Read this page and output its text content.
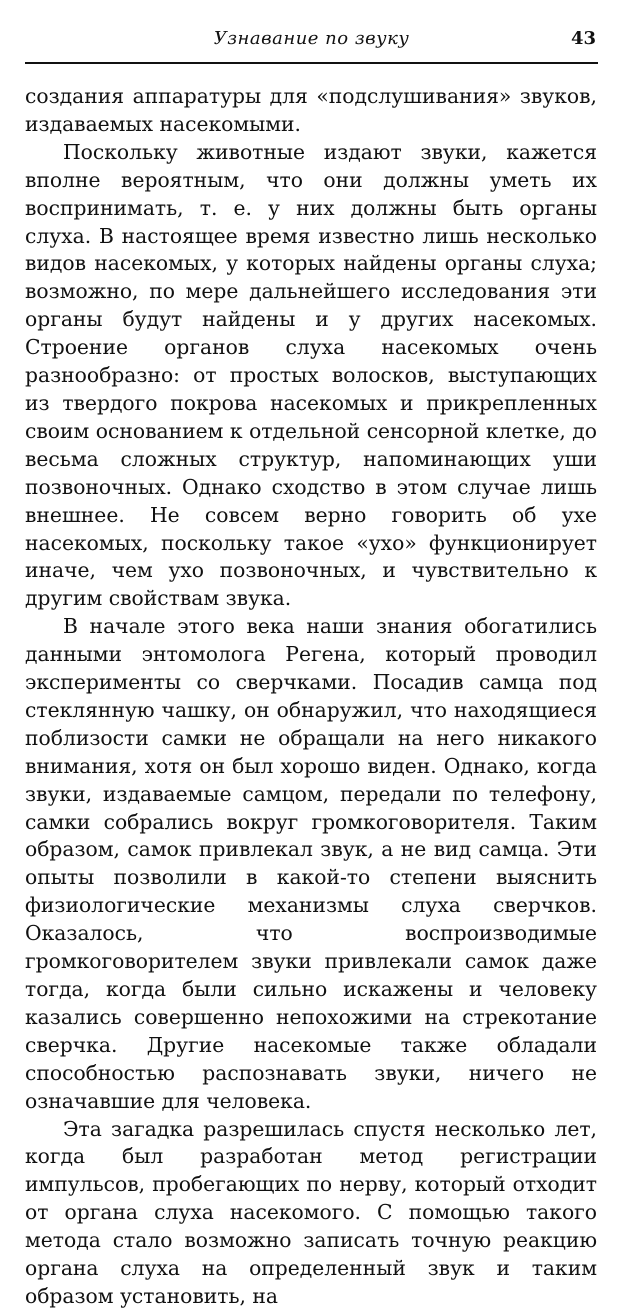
Узнавание по звуку	43

создания аппаратуры для «подслушивания» звуков, издаваемых насекомыми.

Поскольку животные издают звуки, кажется вполне вероятным, что они должны уметь их воспринимать, т. е. у них должны быть органы слуха. В настоящее время известно лишь несколько видов насекомых, у которых найдены органы слуха; возможно, по мере дальнейшего исследования эти органы будут найдены и у других насекомых. Строение органов слуха насекомых очень разнообразно: от простых волосков, выступающих из твердого покрова насекомых и прикрепленных своим основанием к отдельной сенсорной клетке, до весьма сложных структур, напоминающих уши позвоночных. Однако сходство в этом случае лишь внешнее. Не совсем верно говорить об ухе насекомых, поскольку такое «ухо» функционирует иначе, чем ухо позвоночных, и чувствительно к другим свойствам звука.

В начале этого века наши знания обогатились данными энтомолога Регена, который проводил эксперименты со сверчками. Посадив самца под стеклянную чашку, он обнаружил, что находящиеся поблизости самки не обращали на него никакого внимания, хотя он был хорошо виден. Однако, когда звуки, издаваемые самцом, передали по телефону, самки собрались вокруг громкоговорителя. Таким образом, самок привлекал звук, а не вид самца. Эти опыты позволили в какой-то степени выяснить физиологические механизмы слуха сверчков. Оказалось, что воспроизводимые громкоговорителем звуки привлекали самок даже тогда, когда были сильно искажены и человеку казались совершенно непохожими на стрекотание сверчка. Другие насекомые также обладали способностью распознавать звуки, ничего не означавшие для человека.

Эта загадка разрешилась спустя несколько лет, когда был разработан метод регистрации импульсов, пробегающих по нерву, который отходит от органа слуха насекомого. С помощью такого метода стало возможно записать точную реакцию органа слуха на определенный звук и таким образом установить, на
